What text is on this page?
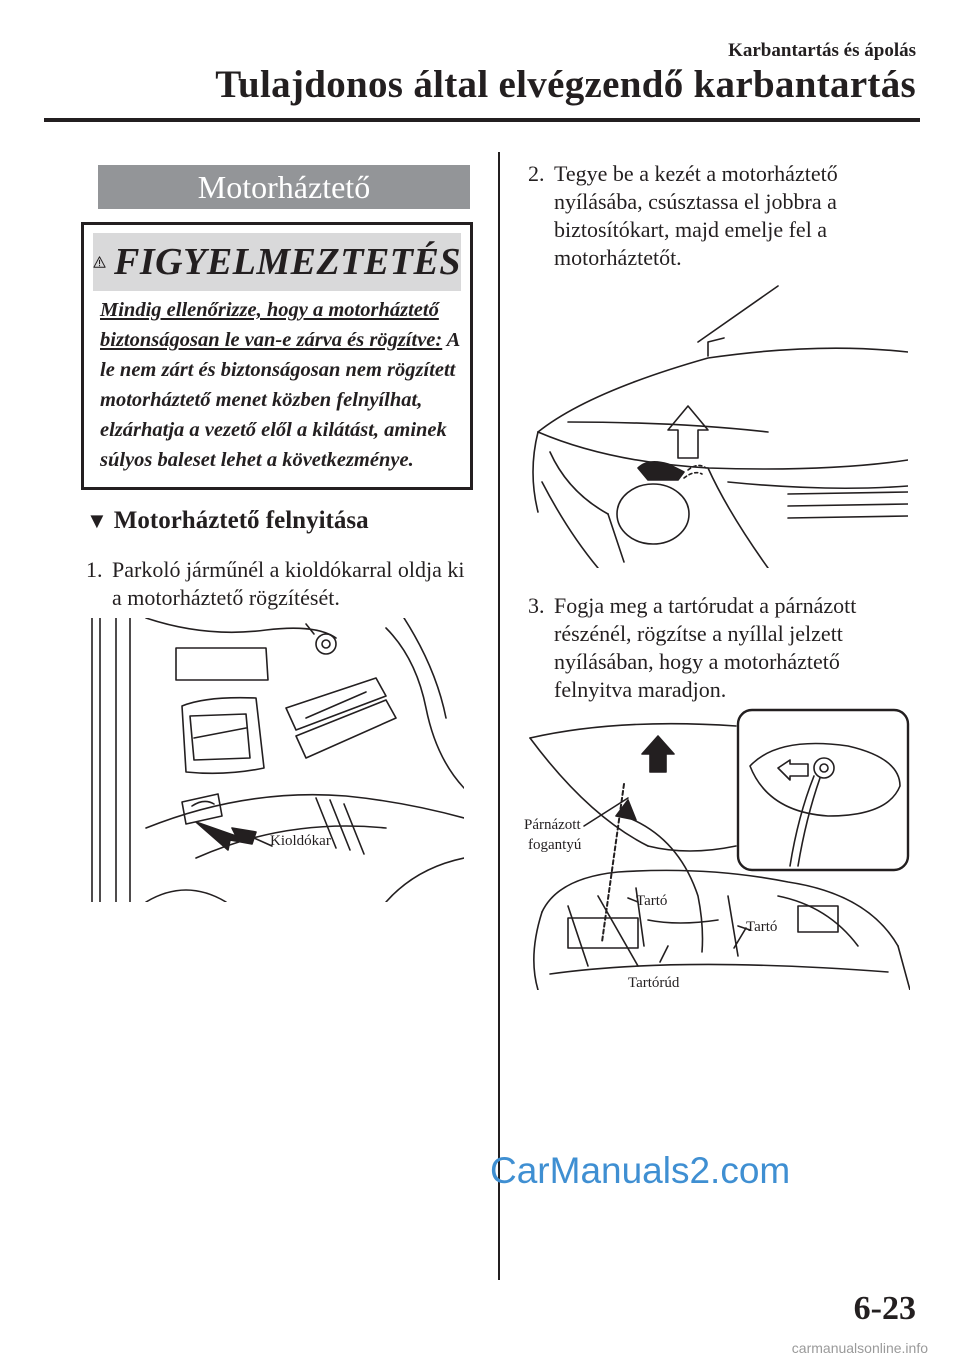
Karbantartás és ápolás
Tulajdonos által elvégzendő karbantartás
Motorháztető
FIGYELMEZTETÉS
Mindig ellenőrizze, hogy a motorháztető biztonságosan le van-e zárva és rögzítve: A le nem zárt és biztonságosan nem rögzített motorháztető menet közben felnyílhat, elzárhatja a vezető elől a kilátást, aminek súlyos baleset lehet a következménye.
▼ Motorháztető felnyitása
1. Parkoló járműnél a kioldókarral oldja ki a motorháztető rögzítését.
Kioldókar
2. Tegye be a kezét a motorháztető nyílásába, csúsztassa el jobbra a biztosítókart, majd emelje fel a motorháztetőt.
3. Fogja meg a tartórudat a párnázott részénél, rögzítse a nyíllal jelzett nyílásában, hogy a motorháztető felnyitva maradjon.
Párnázott
fogantyú
Tartó
Tartó
Tartórúd
CarManuals2.com
6-23
carmanualsonline.info
